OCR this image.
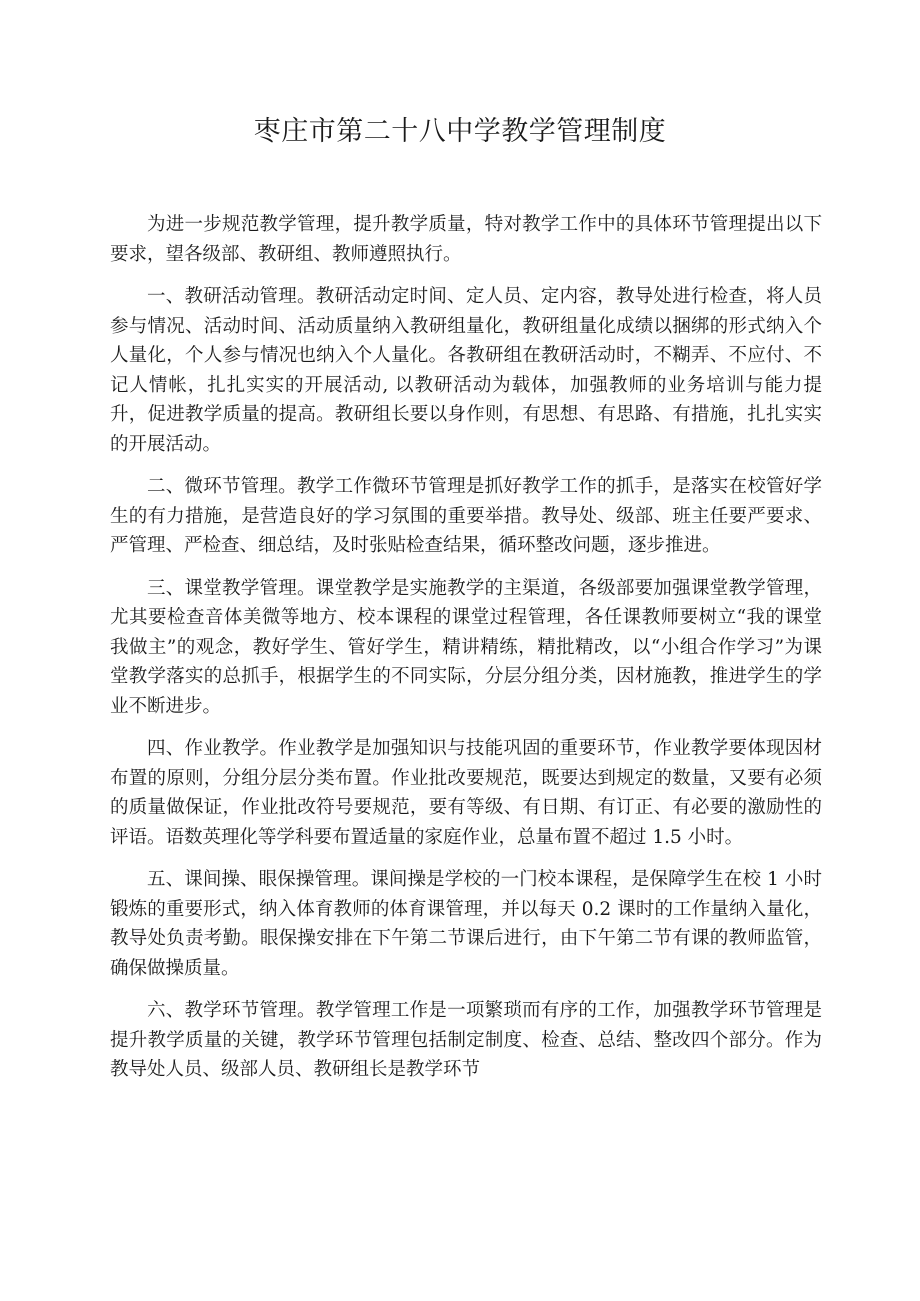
枣庄市第二十八中学教学管理制度

为进一步规范教学管理，提升教学质量，特对教学工作中的具体环节管理提出以下要求，望各级部、教研组、教师遵照执行。

一、教研活动管理。教研活动定时间、定人员、定内容，教导处进行检查，将人员参与情况、活动时间、活动质量纳入教研组量化，教研组量化成绩以捆绑的形式纳入个人量化，个人参与情况也纳入个人量化。各教研组在教研活动时，不糊弄、不应付、不记人情帐，扎扎实实的开展活动, 以教研活动为载体，加强教师的业务培训与能力提升，促进教学质量的提高。教研组长要以身作则，有思想、有思路、有措施，扎扎实实的开展活动。

二、微环节管理。教学工作微环节管理是抓好教学工作的抓手，是落实在校管好学生的有力措施，是营造良好的学习氛围的重要举措。教导处、级部、班主任要严要求、严管理、严检查、细总结，及时张贴检查结果，循环整改问题，逐步推进。

三、课堂教学管理。课堂教学是实施教学的主渠道，各级部要加强课堂教学管理，尤其要检查音体美微等地方、校本课程的课堂过程管理，各任课教师要树立“我的课堂我做主”的观念，教好学生、管好学生，精讲精练，精批精改，以“小组合作学习”为课堂教学落实的总抓手，根据学生的不同实际，分层分组分类，因材施教，推进学生的学业不断进步。

四、作业教学。作业教学是加强知识与技能巩固的重要环节，作业教学要体现因材布置的原则，分组分层分类布置。作业批改要规范，既要达到规定的数量，又要有必须的质量做保证，作业批改符号要规范，要有等级、有日期、有订正、有必要的激励性的评语。语数英理化等学科要布置适量的家庭作业，总量布置不超过 1.5 小时。

五、课间操、眼保操管理。课间操是学校的一门校本课程，是保障学生在校 1 小时锻炼的重要形式，纳入体育教师的体育课管理，并以每天 0.2 课时的工作量纳入量化，教导处负责考勤。眼保操安排在下午第二节课后进行，由下午第二节有课的教师监管，确保做操质量。

六、教学环节管理。教学管理工作是一项繁琐而有序的工作，加强教学环节管理是提升教学质量的关键，教学环节管理包括制定制度、检查、总结、整改四个部分。作为教导处人员、级部人员、教研组长是教学环节
